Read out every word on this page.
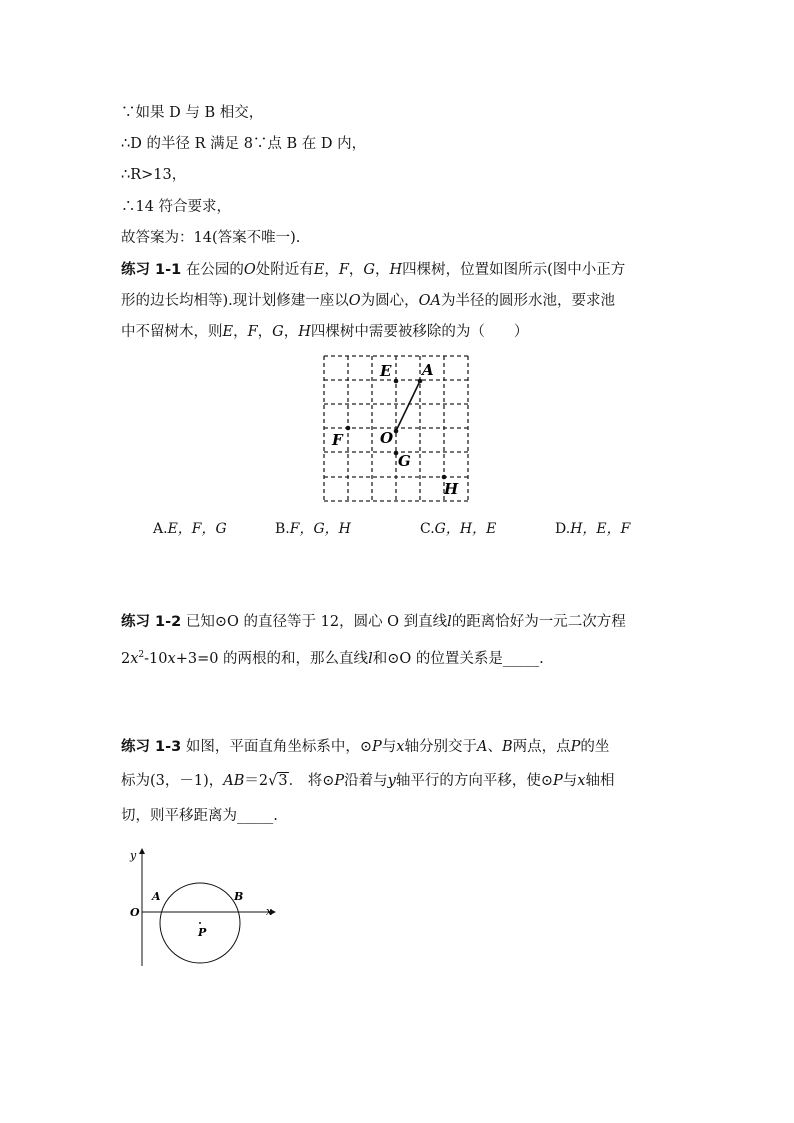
∵如果 D 与 B 相交，
∴D 的半径 R 满足 8∵点 B 在 D 内，
∴R>13，
∴14 符合要求，
故答案为：14(答案不唯一).
练习 1-1 在公园的O处附近有E，F，G，H四棵树，位置如图所示(图中小正方
形的边长均相等).现计划修建一座以O为圆心，OA为半径的圆形水池，要求池
中不留树木，则E，F，G，H四棵树中需要被移除的为（　　）
E A
F O
G
H
A.E，F，G	B.F，G，H	C.G，H，E	D.H，E，F
练习 1-2 已知⊙O 的直径等于 12，圆心 O 到直线l的距离恰好为一元二次方程
$2x^2-10x+3=0$ 的两根的和，那么直线l和⊙O 的位置关系是_____.
练习 1-3 如图，平面直角坐标系中，⊙P与x轴分别交于A、B两点，点P的坐
标为(3，－1)，AB＝2√3． 将⊙P沿着与y轴平行的方向平移，使⊙P与x轴相
切，则平移距离为_____.
y
x
O
A	B
P
